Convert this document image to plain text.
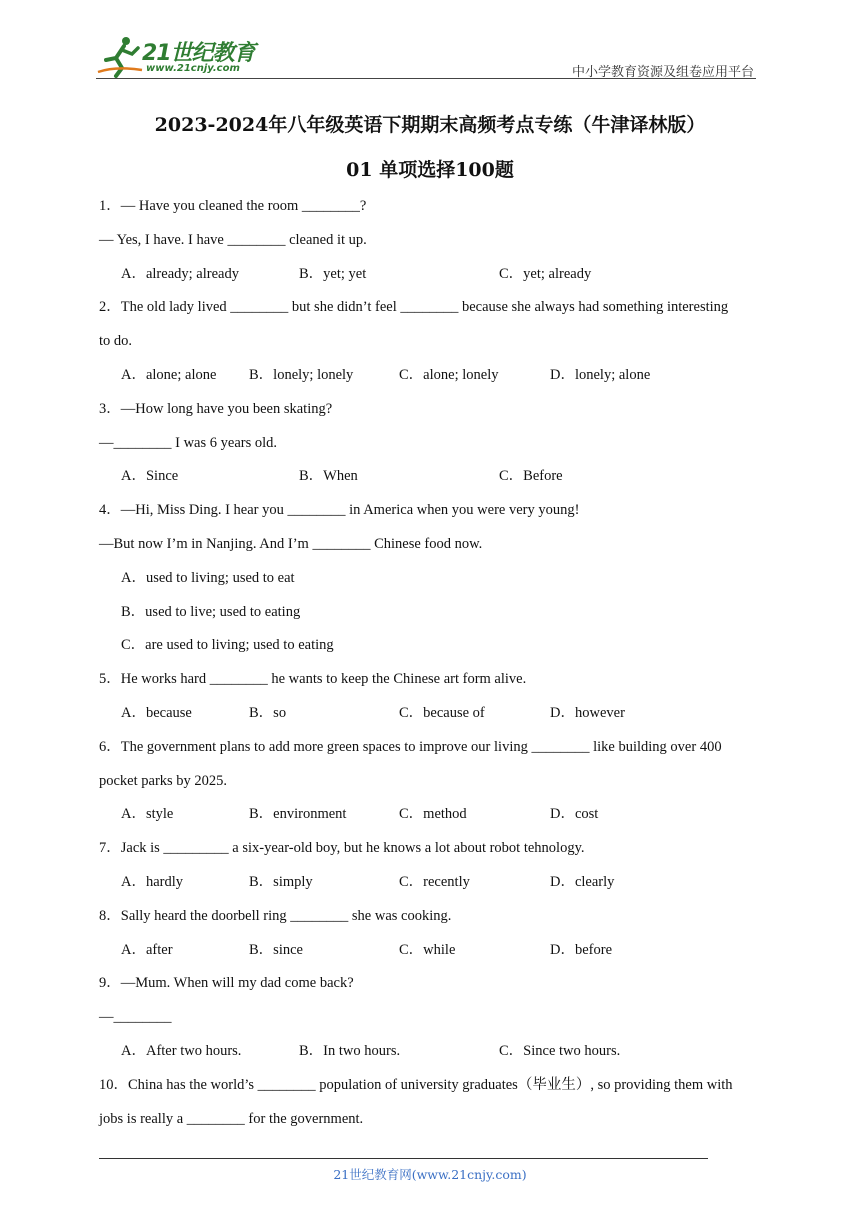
21世纪教育
www.21cnjy.com	中小学教育资源及组卷应用平台
2023-2024年八年级英语下期期末高频考点专练（牛津译林版）
01 单项选择100题
1．— Have you cleaned the room ________?
— Yes, I have. I have ________ cleaned it up.
A．already; already	B．yet; yet	C．yet; already
2．The old lady lived ________ but she didn’t feel ________ because she always had something interesting
to do.
A．alone; alone B．lonely; lonely	C．alone; lonely	D．lonely; alone
3．—How long have you been skating?
—________ I was 6 years old.
A．Since	B．When	C．Before
4．—Hi, Miss Ding. I hear you ________ in America when you were very young!
—But now I’m in Nanjing. And I’m ________ Chinese food now.
A．used to living; used to eat
B．used to live; used to eating
C．are used to living; used to eating
5．He works hard ________ he wants to keep the Chinese art form alive.
A．because	B．so	C．because of	D．however
6．The government plans to add more green spaces to improve our living ________ like building over 400
pocket parks by 2025.
A．style	B．environment	C．method	D．cost
7．Jack is _________ a six-year-old boy, but he knows a lot about robot tehnology.
A．hardly	B．simply	C．recently	D．clearly
8．Sally heard the doorbell ring ________ she was cooking.
A．after	B．since	C．while	D．before
9．—Mum. When will my dad come back?
—________
A．After two hours.	B．In two hours.	C．Since two hours.
10．China has the world’s ________ population of university graduates（毕业生）, so providing them with
jobs is really a ________ for the government.
21世纪教育网(www.21cnjy.com)
